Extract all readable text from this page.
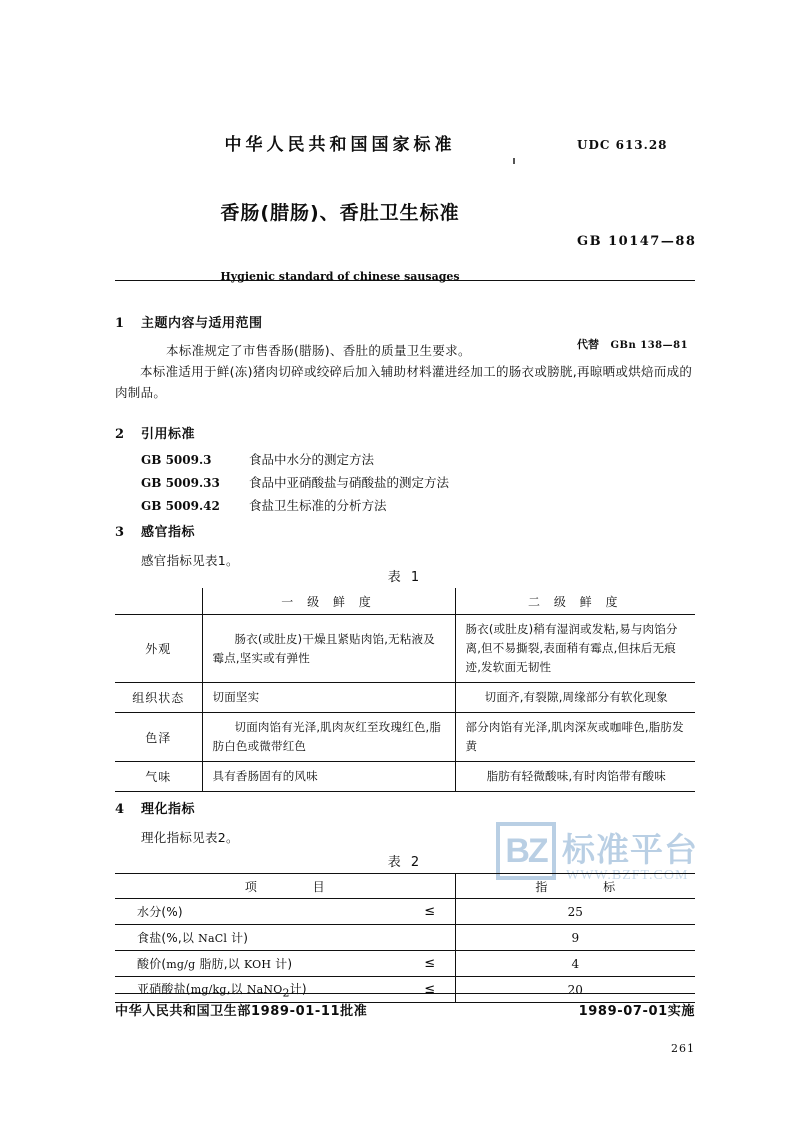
BZ 标准平台
WWW.BZFT.COM
中华人民共和国国家标准	UDC 613.28
香肠(腊肠)、香肚卫生标准
GB 10147—88
Hygienic standard of chinese sausages
代替 GBn 138—81
1 主题内容与适用范围
本标准规定了市售香肠(腊肠)、香肚的质量卫生要求。
本标准适用于鲜(冻)猪肉切碎或绞碎后加入辅助材料灌进经加工的肠衣或膀胱,再晾晒或烘焙而成的肉制品。
2 引用标准
GB 5009.3	食品中水分的测定方法
GB 5009.33 食品中亚硝酸盐与硝酸盐的测定方法
GB 5009.42 食盐卫生标准的分析方法
3 感官指标
感官指标见表1。
表 1
	一 级 鲜 度	二 级 鲜 度
外观	肠衣(或肚皮)干燥且紧贴肉馅,无粘液及霉点,坚实或有弹性	肠衣(或肚皮)稍有湿润或发粘,易与肉馅分离,但不易撕裂,表面稍有霉点,但抹后无痕迹,发软面无韧性
组织状态	切面坚实	切面齐,有裂隙,周缘部分有软化现象
色泽	切面肉馅有光泽,肌肉灰红至玫瑰红色,脂肪白色或微带红色	部分肉馅有光泽,肌肉深灰或咖啡色,脂肪发黄
气味	具有香肠固有的风味	脂肪有轻微酸味,有时肉馅带有酸味
4 理化指标
理化指标见表2。
表 2
项 目		指 标
水分(%)	≤	25
食盐(%,以 NaCl 计)		9
酸价(mg/g 脂肪,以 KOH 计)	≤	4
亚硝酸盐(mg/kg,以 NaNO2计)	≤	20
中华人民共和国卫生部1989-01-11批准	1989-07-01实施
261
